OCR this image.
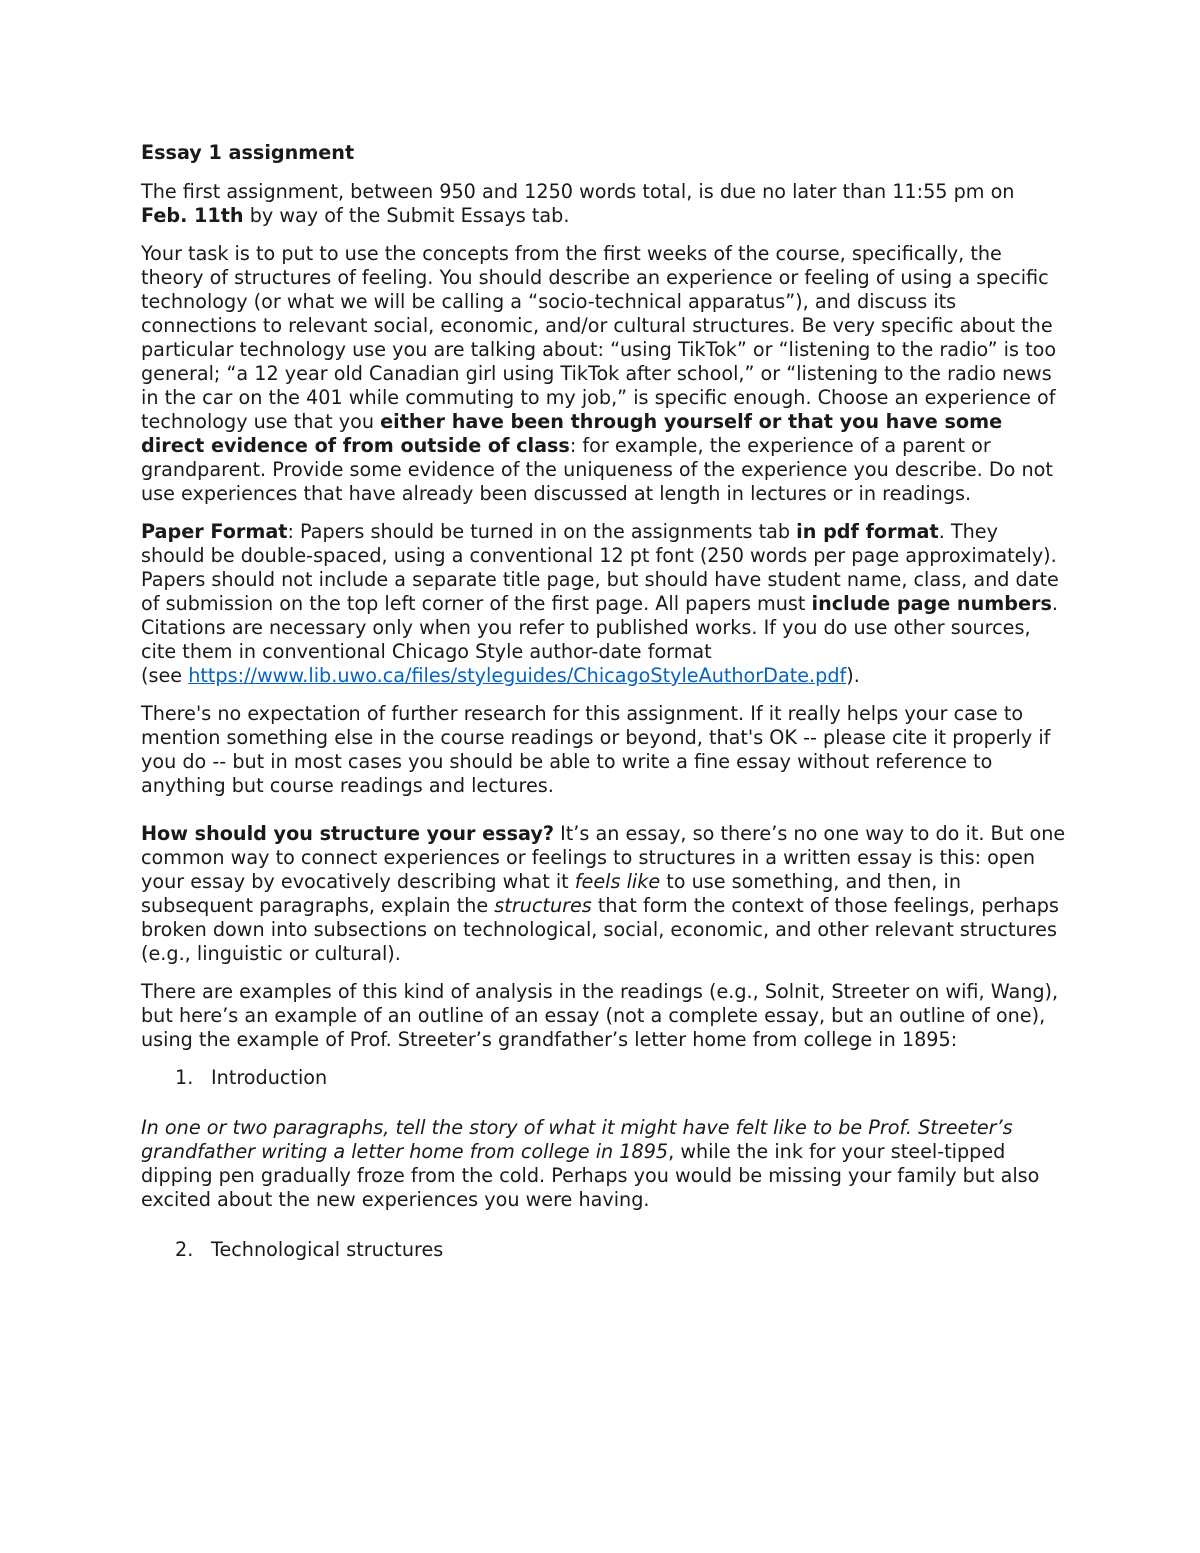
Essay 1 assignment

The first assignment, between 950 and 1250 words total, is due no later than 11:55 pm on Feb. 11th by way of the Submit Essays tab.

Your task is to put to use the concepts from the first weeks of the course, specifically, the theory of structures of feeling. You should describe an experience or feeling of using a specific technology (or what we will be calling a “socio-technical apparatus”), and discuss its connections to relevant social, economic, and/or cultural structures. Be very specific about the particular technology use you are talking about: “using TikTok” or “listening to the radio” is too general; “a 12 year old Canadian girl using TikTok after school,” or “listening to the radio news in the car on the 401 while commuting to my job,” is specific enough. Choose an experience of technology use that you either have been through yourself or that you have some direct evidence of from outside of class: for example, the experience of a parent or grandparent. Provide some evidence of the uniqueness of the experience you describe. Do not use experiences that have already been discussed at length in lectures or in readings.

Paper Format: Papers should be turned in on the assignments tab in pdf format. They should be double-spaced, using a conventional 12 pt font (250 words per page approximately). Papers should not include a separate title page, but should have student name, class, and date of submission on the top left corner of the first page. All papers must include page numbers. Citations are necessary only when you refer to published works. If you do use other sources, cite them in conventional Chicago Style author-date format
(see https://www.lib.uwo.ca/files/styleguides/ChicagoStyleAuthorDate.pdf).

There's no expectation of further research for this assignment. If it really helps your case to mention something else in the course readings or beyond, that's OK -- please cite it properly if you do -- but in most cases you should be able to write a fine essay without reference to anything but course readings and lectures.

How should you structure your essay? It’s an essay, so there’s no one way to do it. But one common way to connect experiences or feelings to structures in a written essay is this: open your essay by evocatively describing what it feels like to use something, and then, in subsequent paragraphs, explain the structures that form the context of those feelings, perhaps broken down into subsections on technological, social, economic, and other relevant structures (e.g., linguistic or cultural).

There are examples of this kind of analysis in the readings (e.g., Solnit, Streeter on wifi, Wang), but here’s an example of an outline of an essay (not a complete essay, but an outline of one), using the example of Prof. Streeter’s grandfather’s letter home from college in 1895:

1. Introduction

In one or two paragraphs, tell the story of what it might have felt like to be Prof. Streeter’s grandfather writing a letter home from college in 1895, while the ink for your steel-tipped dipping pen gradually froze from the cold. Perhaps you would be missing your family but also excited about the new experiences you were having.

2. Technological structures
